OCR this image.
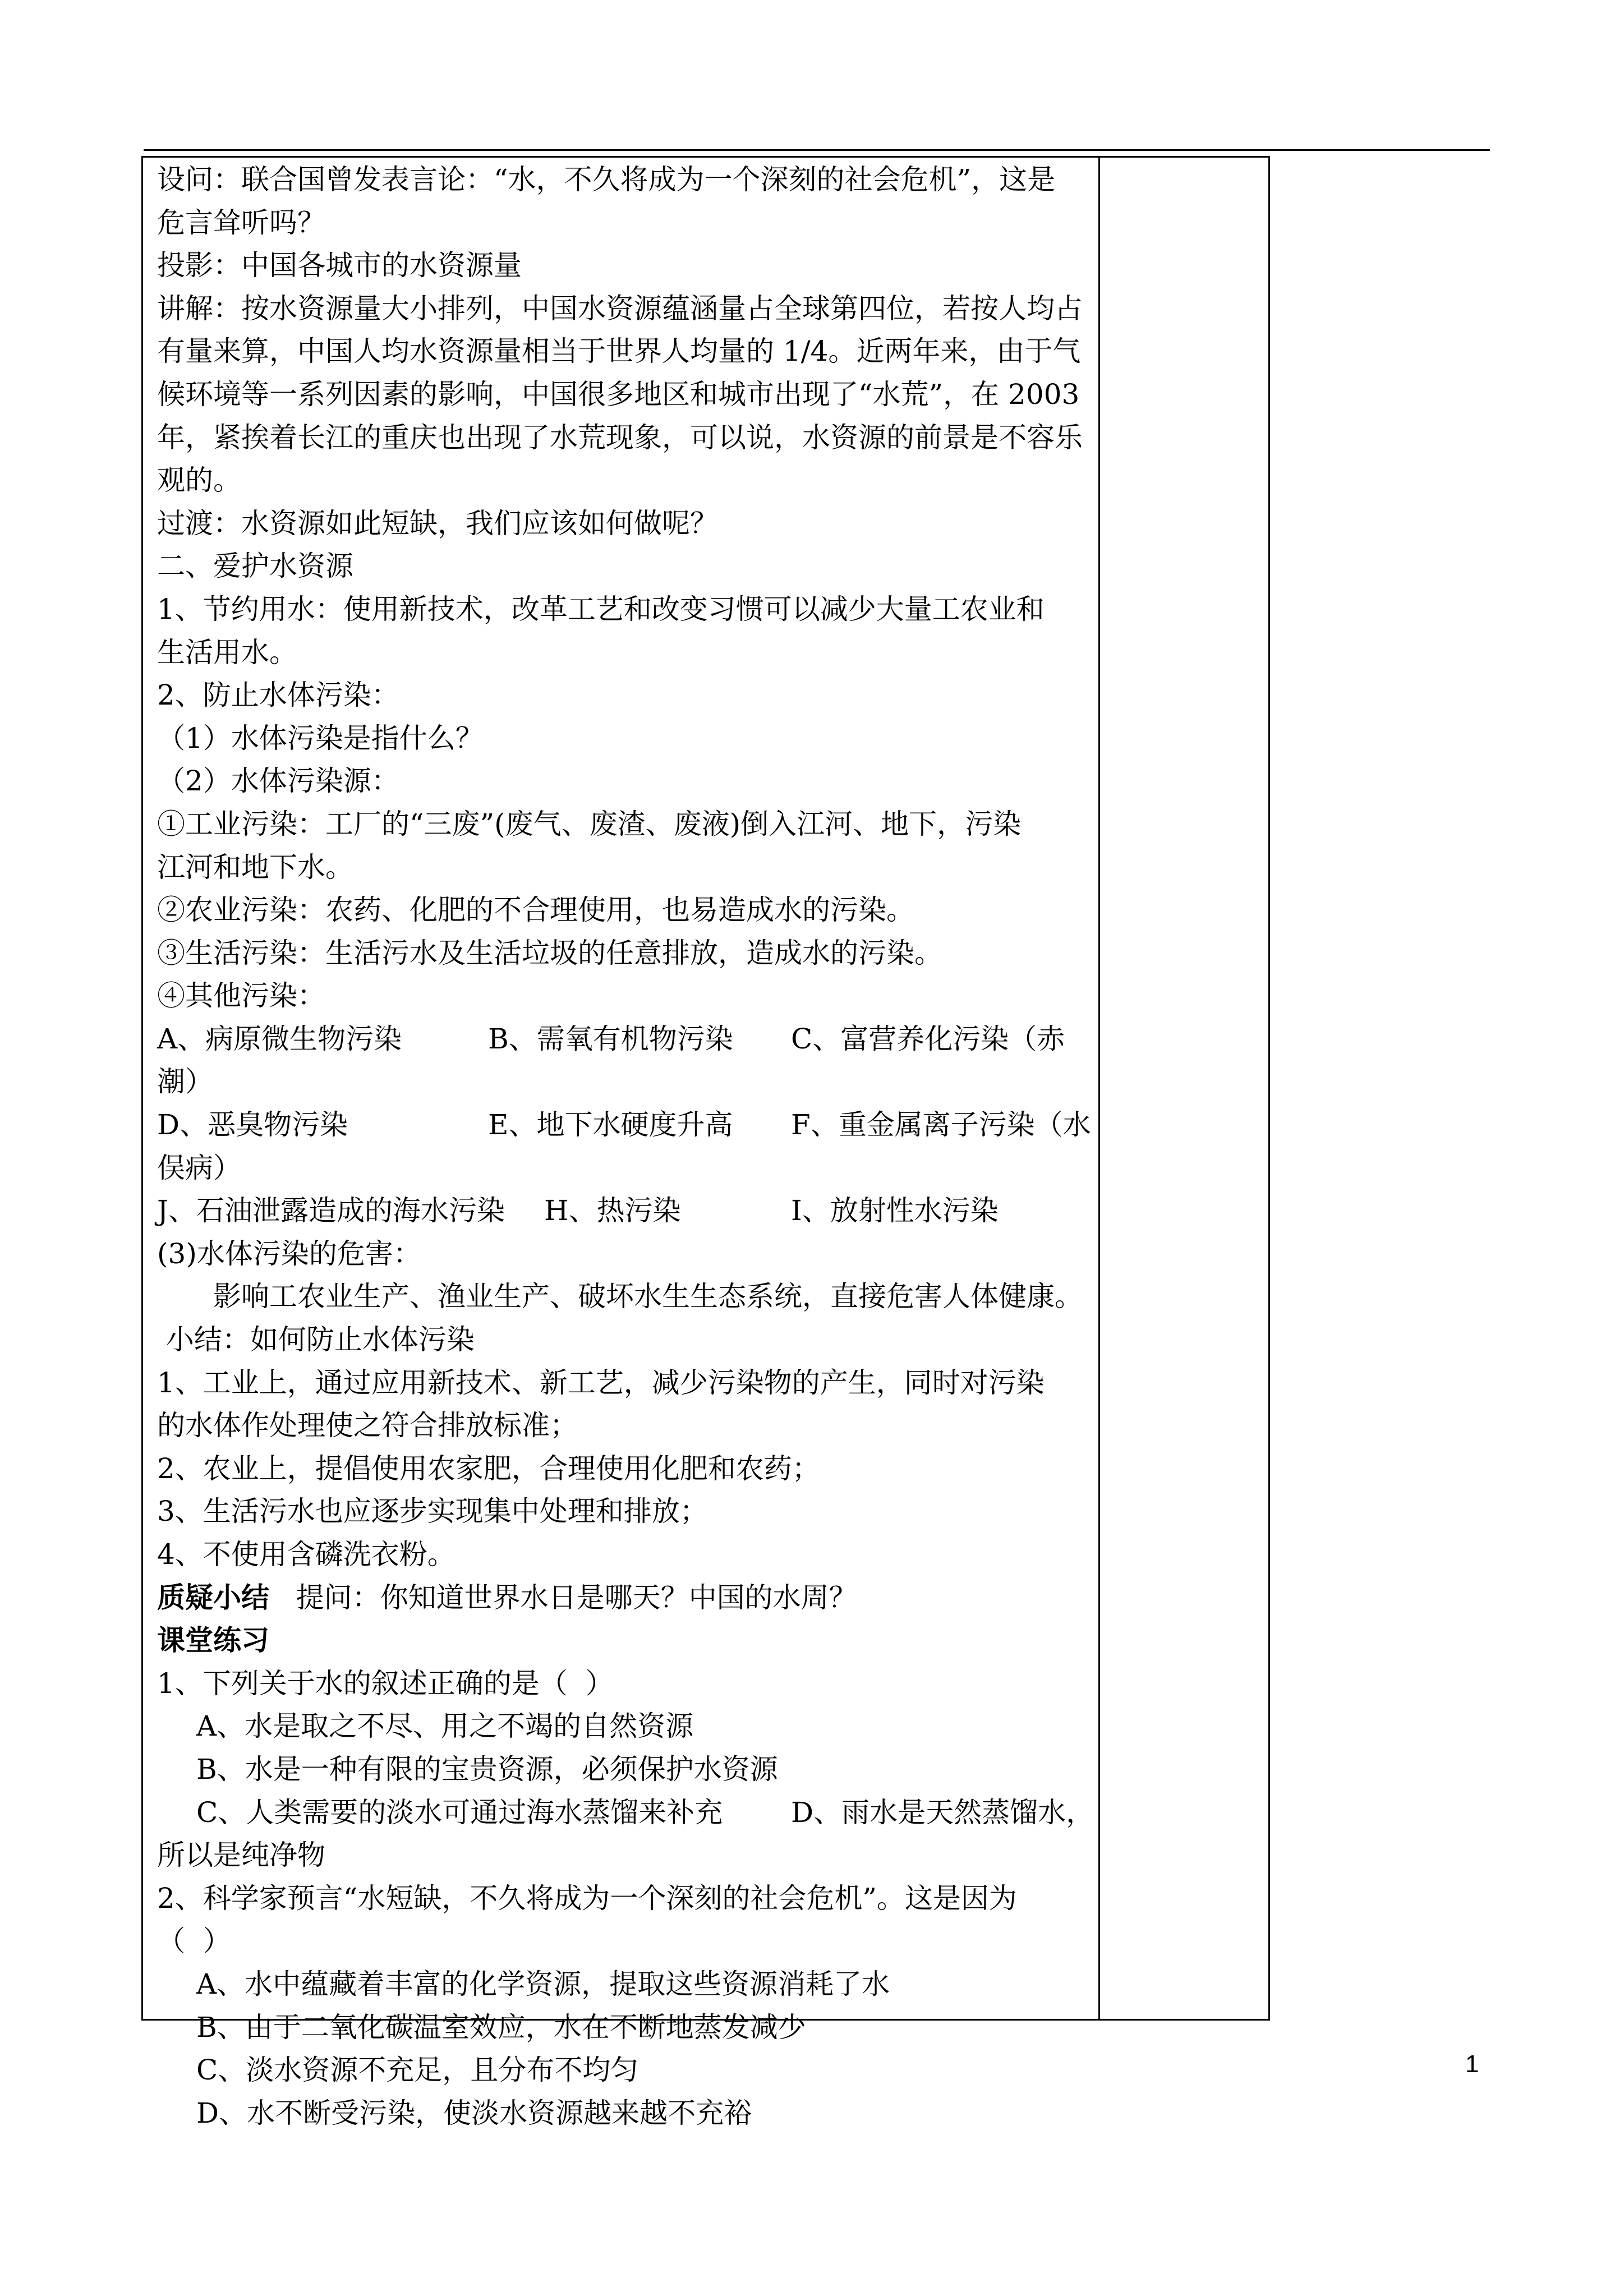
设问：联合国曾发表言论：“水，不久将成为一个深刻的社会危机”，这是
危言耸听吗？
投影：中国各城市的水资源量
讲解：按水资源量大小排列，中国水资源蕴涵量占全球第四位，若按人均占
有量来算，中国人均水资源量相当于世界人均量的 1/4。近两年来，由于气
候环境等一系列因素的影响，中国很多地区和城市出现了“水荒”，在 2003
年，紧挨着长江的重庆也出现了水荒现象，可以说，水资源的前景是不容乐
观的。
过渡：水资源如此短缺，我们应该如何做呢？
二、爱护水资源
1、节约用水：使用新技术，改革工艺和改变习惯可以减少大量工农业和
生活用水。
2、防止水体污染：
（1）水体污染是指什么？
（2）水体污染源：
①工业污染：工厂的“三废”(废气、废渣、废液)倒入江河、地下，污染
江河和地下水。
②农业污染：农药、化肥的不合理使用，也易造成水的污染。
③生活污染：生活污水及生活垃圾的任意排放，造成水的污染。
④其他污染：
A、病原微生物污染	B、需氧有机物污染	C、富营养化污染（赤
潮）
D、恶臭物污染	E、地下水硬度升高	F、重金属离子污染（水
俣病）
J、石油泄露造成的海水污染	H、热污染	I、放射性水污染
(3)水体污染的危害：
影响工农业生产、渔业生产、破坏水生生态系统，直接危害人体健康。
小结：如何防止水体污染
1、工业上，通过应用新技术、新工艺，减少污染物的产生，同时对污染
的水体作处理使之符合排放标准；
2、农业上，提倡使用农家肥，合理使用化肥和农药；
3、生活污水也应逐步实现集中处理和排放；
4、不使用含磷洗衣粉。
质疑小结 提问：你知道世界水日是哪天？中国的水周？
课堂练习
1、下列关于水的叙述正确的是（  ）
A、水是取之不尽、用之不竭的自然资源
B、水是一种有限的宝贵资源，必须保护水资源
C、人类需要的淡水可通过海水蒸馏来补充	D、雨水是天然蒸馏水，
所以是纯净物
2、科学家预言“水短缺，不久将成为一个深刻的社会危机”。这是因为
（  ）
A、水中蕴藏着丰富的化学资源，提取这些资源消耗了水
B、由于二氧化碳温室效应，水在不断地蒸发减少
C、淡水资源不充足，且分布不均匀
D、水不断受污染，使淡水资源越来越不充裕
1
